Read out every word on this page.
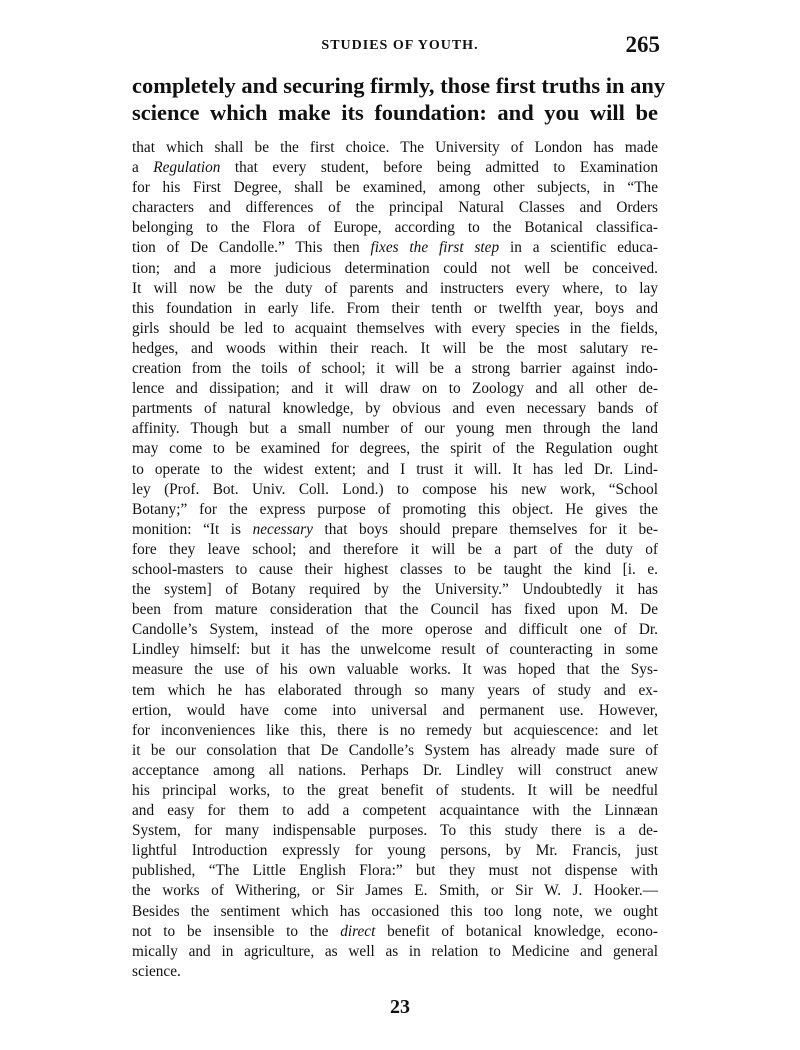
STUDIES OF YOUTH.	265
completely and securing firmly, those first truths in any
science which make its foundation: and you will be
that which shall be the first choice. The University of London has made
a Regulation that every student, before being admitted to Examination
for his First Degree, shall be examined, among other subjects, in “The
characters and differences of the principal Natural Classes and Orders
belonging to the Flora of Europe, according to the Botanical classifica-
tion of De Candolle.” This then fixes the first step in a scientific educa-
tion; and a more judicious determination could not well be conceived.
It will now be the duty of parents and instructers every where, to lay
this foundation in early life. From their tenth or twelfth year, boys and
girls should be led to acquaint themselves with every species in the fields,
hedges, and woods within their reach. It will be the most salutary re-
creation from the toils of school; it will be a strong barrier against indo-
lence and dissipation; and it will draw on to Zoology and all other de-
partments of natural knowledge, by obvious and even necessary bands of
affinity. Though but a small number of our young men through the land
may come to be examined for degrees, the spirit of the Regulation ought
to operate to the widest extent; and I trust it will. It has led Dr. Lind-
ley (Prof. Bot. Univ. Coll. Lond.) to compose his new work, “School
Botany;” for the express purpose of promoting this object. He gives the
monition: “It is necessary that boys should prepare themselves for it be-
fore they leave school; and therefore it will be a part of the duty of
school-masters to cause their highest classes to be taught the kind [i. e.
the system] of Botany required by the University.” Undoubtedly it has
been from mature consideration that the Council has fixed upon M. De
Candolle’s System, instead of the more operose and difficult one of Dr.
Lindley himself: but it has the unwelcome result of counteracting in some
measure the use of his own valuable works. It was hoped that the Sys-
tem which he has elaborated through so many years of study and ex-
ertion, would have come into universal and permanent use. However,
for inconveniences like this, there is no remedy but acquiescence: and let
it be our consolation that De Candolle’s System has already made sure of
acceptance among all nations. Perhaps Dr. Lindley will construct anew
his principal works, to the great benefit of students. It will be needful
and easy for them to add a competent acquaintance with the Linnæan
System, for many indispensable purposes. To this study there is a de-
lightful Introduction expressly for young persons, by Mr. Francis, just
published, “The Little English Flora:” but they must not dispense with
the works of Withering, or Sir James E. Smith, or Sir W. J. Hooker.—
Besides the sentiment which has occasioned this too long note, we ought
not to be insensible to the direct benefit of botanical knowledge, econo-
mically and in agriculture, as well as in relation to Medicine and general
science.
23
